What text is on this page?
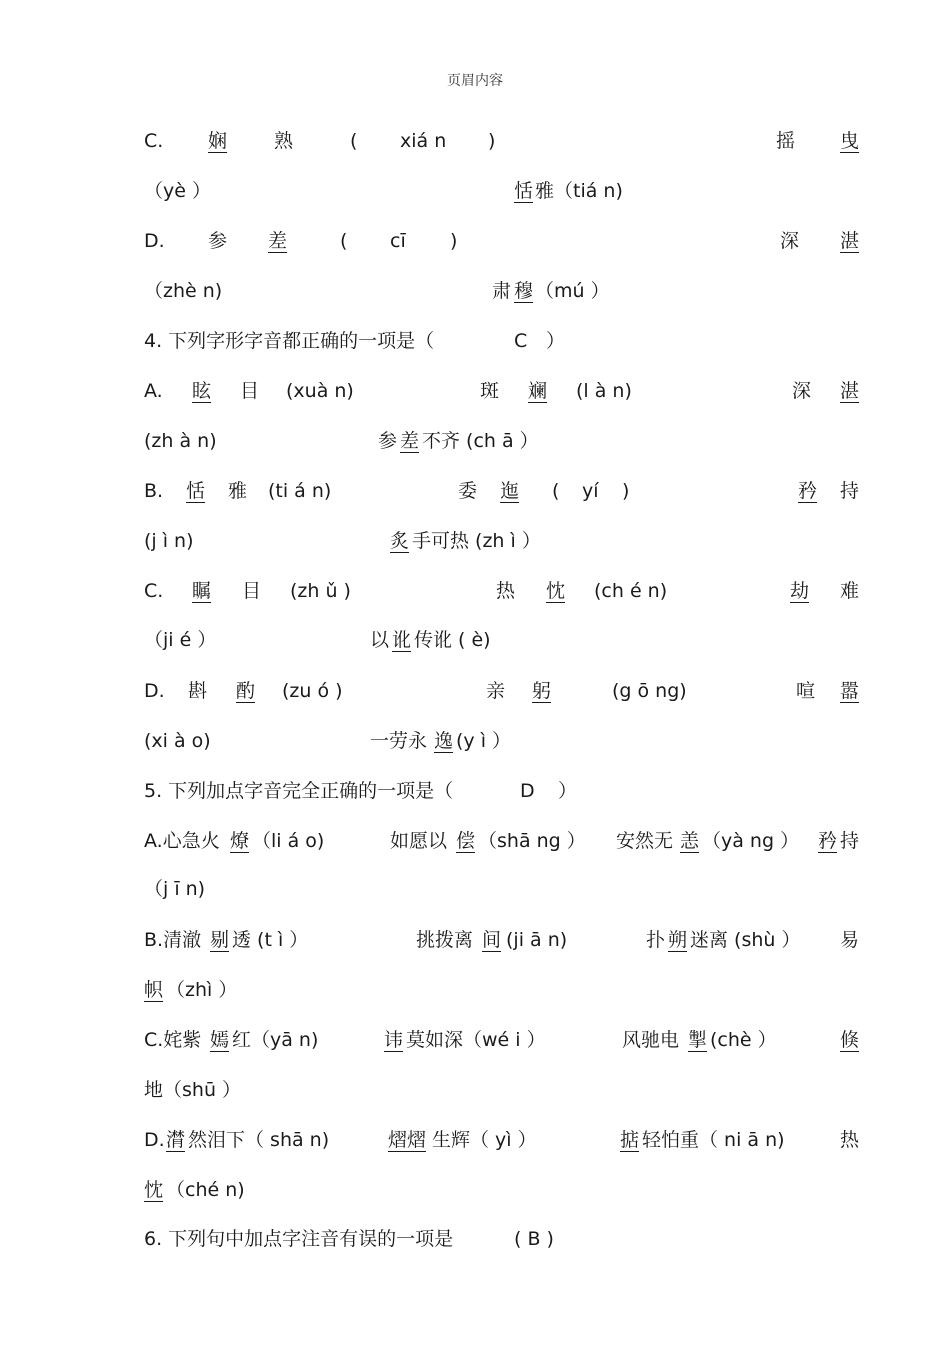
页眉内容
C. 娴	熟	( xiá n )	摇 曳
（yè ）	恬 雅（tiá n)
D. 参 差	( cī )	深 湛
（zhè n)	肃 穆 （mú ）
4. 下列字形字音都正确的一项是（	C ）
A. 眩	目 (xuà n)	斑 斓	(l à n)	深 湛
(zh à n)	参 差 不齐 (ch ā ）
B. 恬	雅 (ti á n)	委 迤	( yí )	矜	持
(j ì n)	炙 手可热 (zh ì ）
C. 瞩	目 (zh ǔ )	热 忱	(ch é n)	劫	难
（ji é ）	以 讹 传讹 ( è)
D. 斟 酌	(zu ó )	亲 躬	(g ō ng)	喧 嚣
(xi à o)	一劳永 逸 (y ì ）
5. 下列加点字音完全正确的一项是（	D ）
A.心急火 燎 （li á o)	如愿以 偿 （shā ng ） 安然无 恙 （yà ng ） 矜 持
（j ī n)
B.清澈 剔 透 (t ì ）	挑拨离 间 (ji ā n)	扑 朔 迷离 (shù ） 易
帜 （zhì ）
C.姹紫 嫣 红（yā n)	讳 莫如深（wé i ）	风驰电 掣 (chè ）	倏
地（shū ）
D. 潸 然泪下（ shā n)	熠熠 生辉（ yì ）	掂 轻怕重（ ni ā n)	热
忱 （ché n)
6. 下列句中加点字注音有误的一项是	( B )
